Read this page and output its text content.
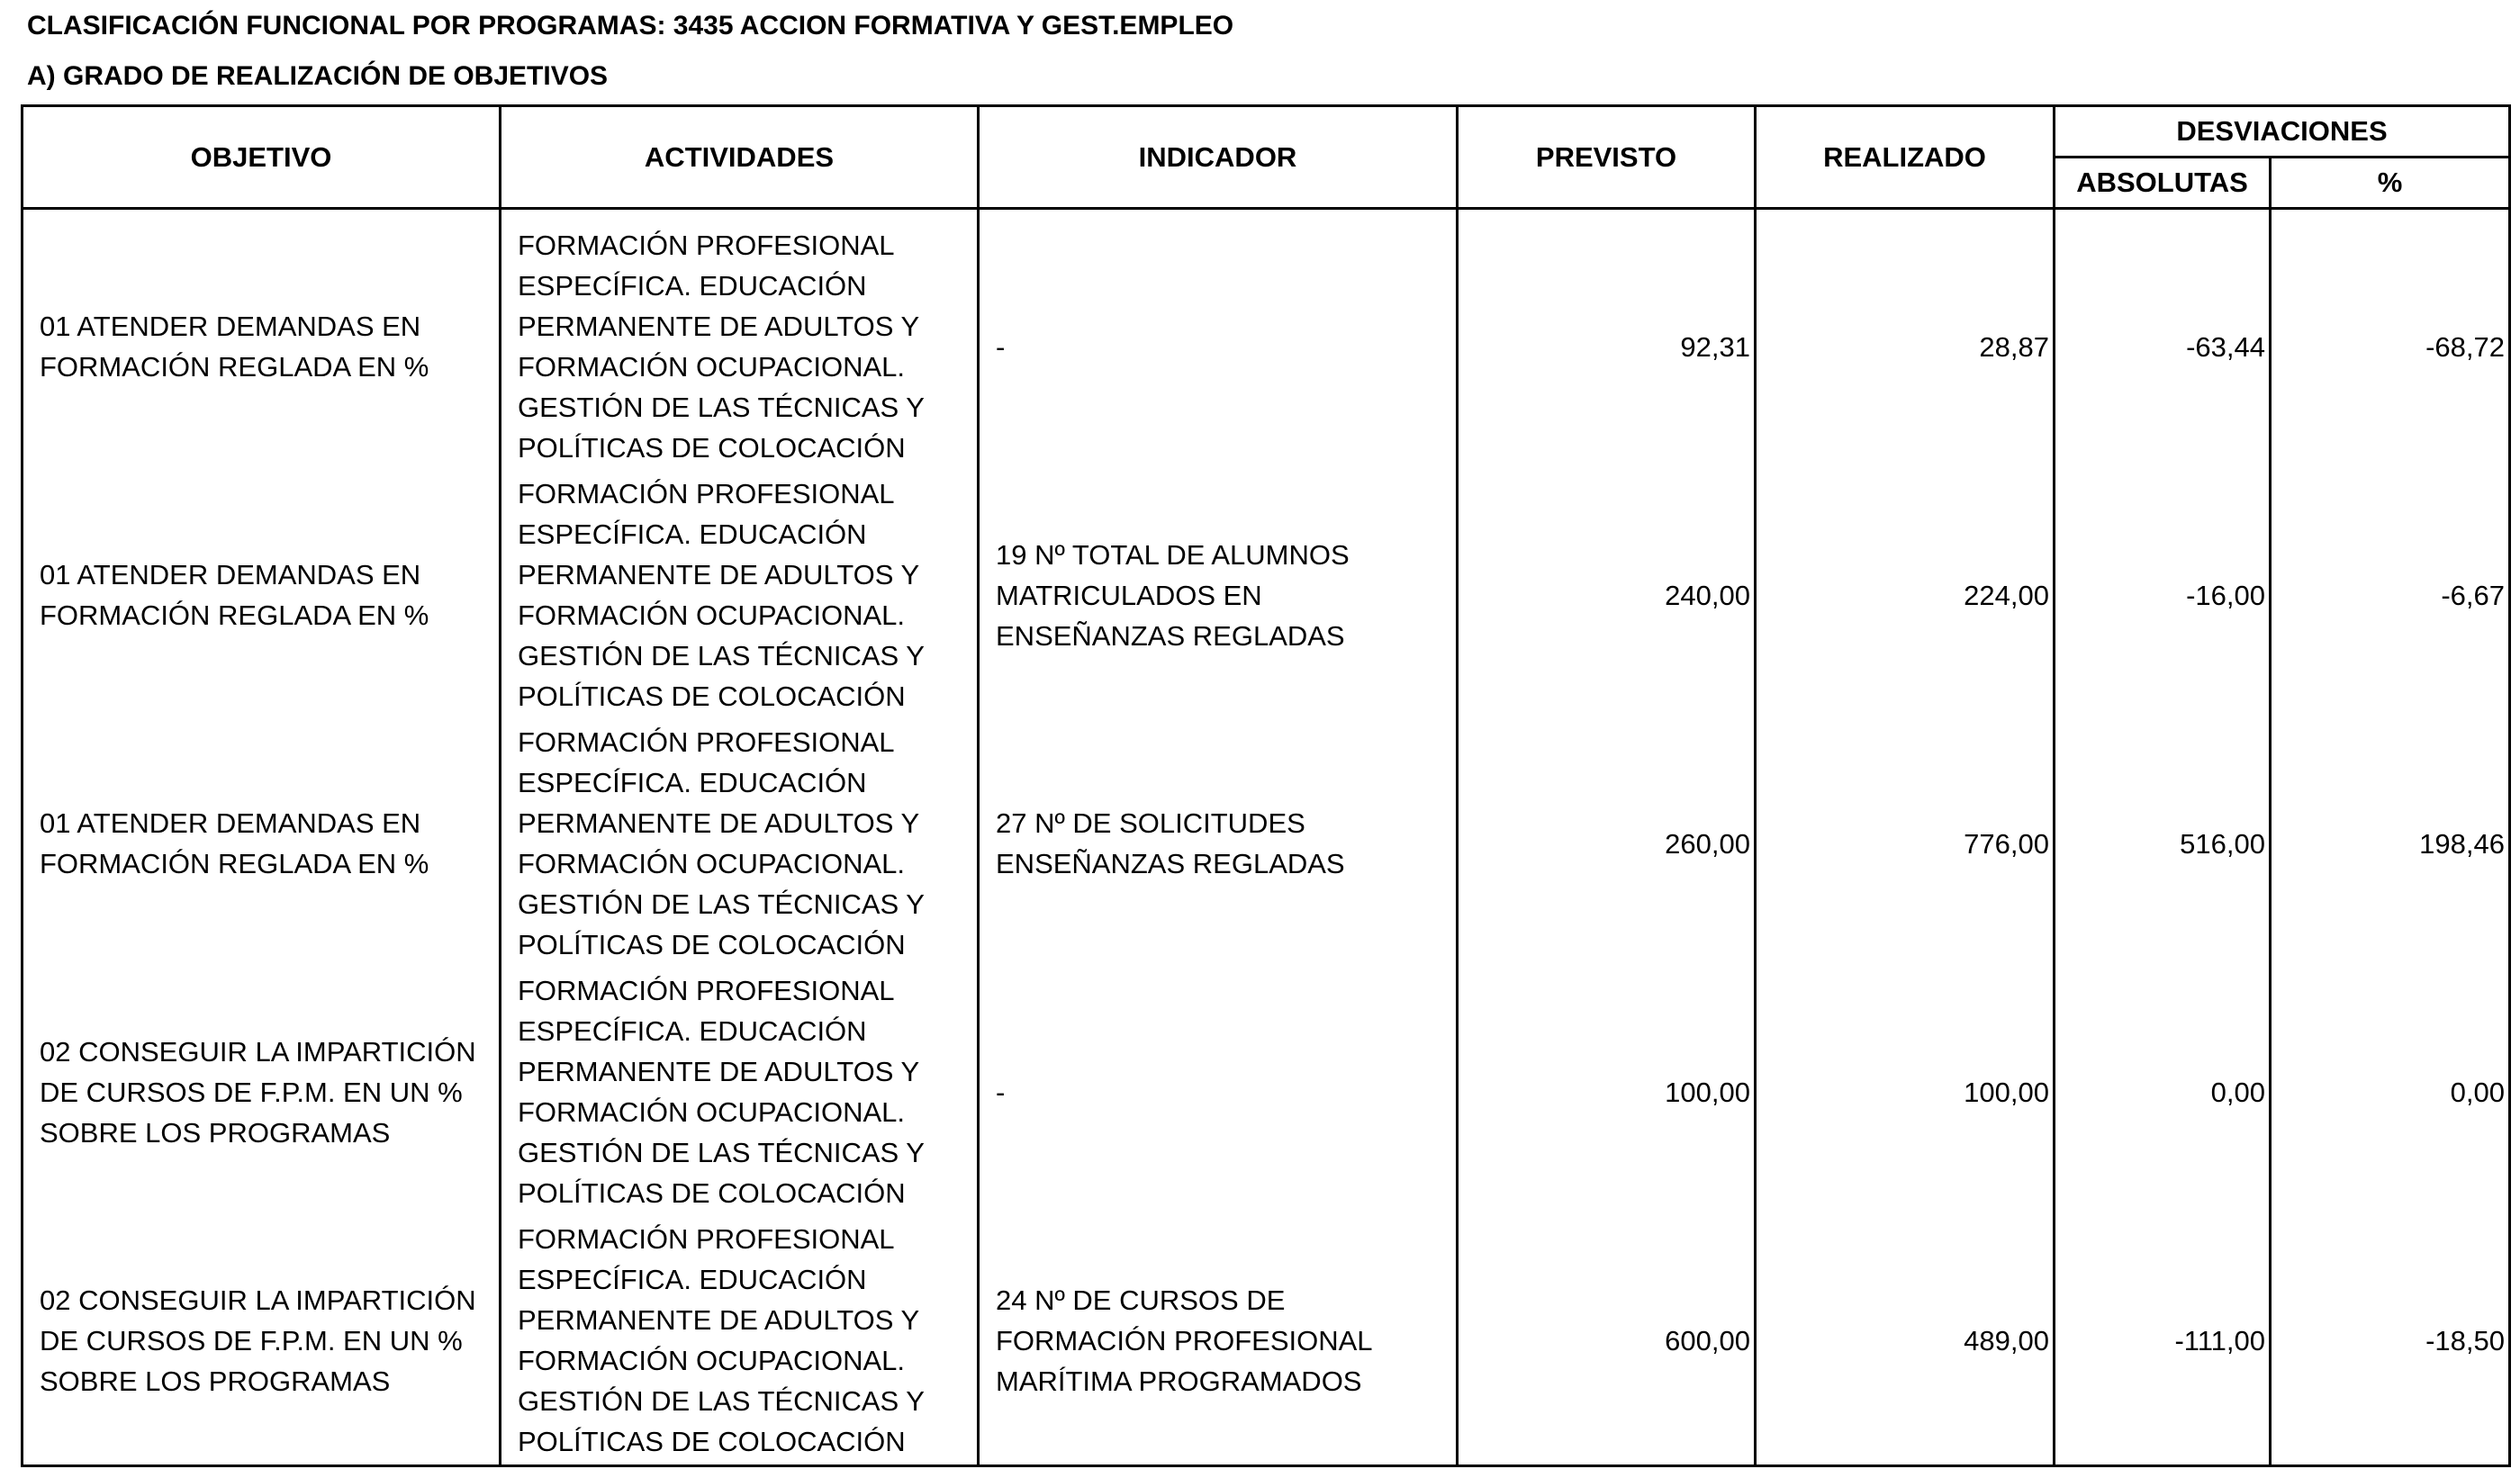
CLASIFICACIÓN FUNCIONAL POR PROGRAMAS: 3435 ACCION FORMATIVA Y GEST.EMPLEO
A) GRADO DE REALIZACIÓN DE OBJETIVOS
OBJETIVO	ACTIVIDADES	INDICADOR	PREVISTO	REALIZADO	DESVIACIONES	
					ABSOLUTAS	%
01 ATENDER DEMANDAS EN FORMACIÓN REGLADA EN %	FORMACIÓN PROFESIONAL ESPECÍFICA. EDUCACIÓN PERMANENTE DE ADULTOS Y FORMACIÓN OCUPACIONAL. GESTIÓN DE LAS TÉCNICAS Y POLÍTICAS DE COLOCACIÓN	-	92,31	28,87	-63,44	-68,72
01 ATENDER DEMANDAS EN FORMACIÓN REGLADA EN %	FORMACIÓN PROFESIONAL ESPECÍFICA. EDUCACIÓN PERMANENTE DE ADULTOS Y FORMACIÓN OCUPACIONAL. GESTIÓN DE LAS TÉCNICAS Y POLÍTICAS DE COLOCACIÓN	19 Nº TOTAL DE ALUMNOS MATRICULADOS EN ENSEÑANZAS REGLADAS	240,00	224,00	-16,00	-6,67
01 ATENDER DEMANDAS EN FORMACIÓN REGLADA EN %	FORMACIÓN PROFESIONAL ESPECÍFICA. EDUCACIÓN PERMANENTE DE ADULTOS Y FORMACIÓN OCUPACIONAL. GESTIÓN DE LAS TÉCNICAS Y POLÍTICAS DE COLOCACIÓN	27 Nº DE SOLICITUDES ENSEÑANZAS REGLADAS	260,00	776,00	516,00	198,46
02 CONSEGUIR LA IMPARTICIÓN DE CURSOS DE F.P.M. EN UN % SOBRE LOS PROGRAMAS	FORMACIÓN PROFESIONAL ESPECÍFICA. EDUCACIÓN PERMANENTE DE ADULTOS Y FORMACIÓN OCUPACIONAL. GESTIÓN DE LAS TÉCNICAS Y POLÍTICAS DE COLOCACIÓN	-	100,00	100,00	0,00	0,00
02 CONSEGUIR LA IMPARTICIÓN DE CURSOS DE F.P.M. EN UN % SOBRE LOS PROGRAMAS	FORMACIÓN PROFESIONAL ESPECÍFICA. EDUCACIÓN PERMANENTE DE ADULTOS Y FORMACIÓN OCUPACIONAL. GESTIÓN DE LAS TÉCNICAS Y POLÍTICAS DE COLOCACIÓN	24 Nº DE CURSOS DE FORMACIÓN PROFESIONAL MARÍTIMA PROGRAMADOS	600,00	489,00	-111,00	-18,50
